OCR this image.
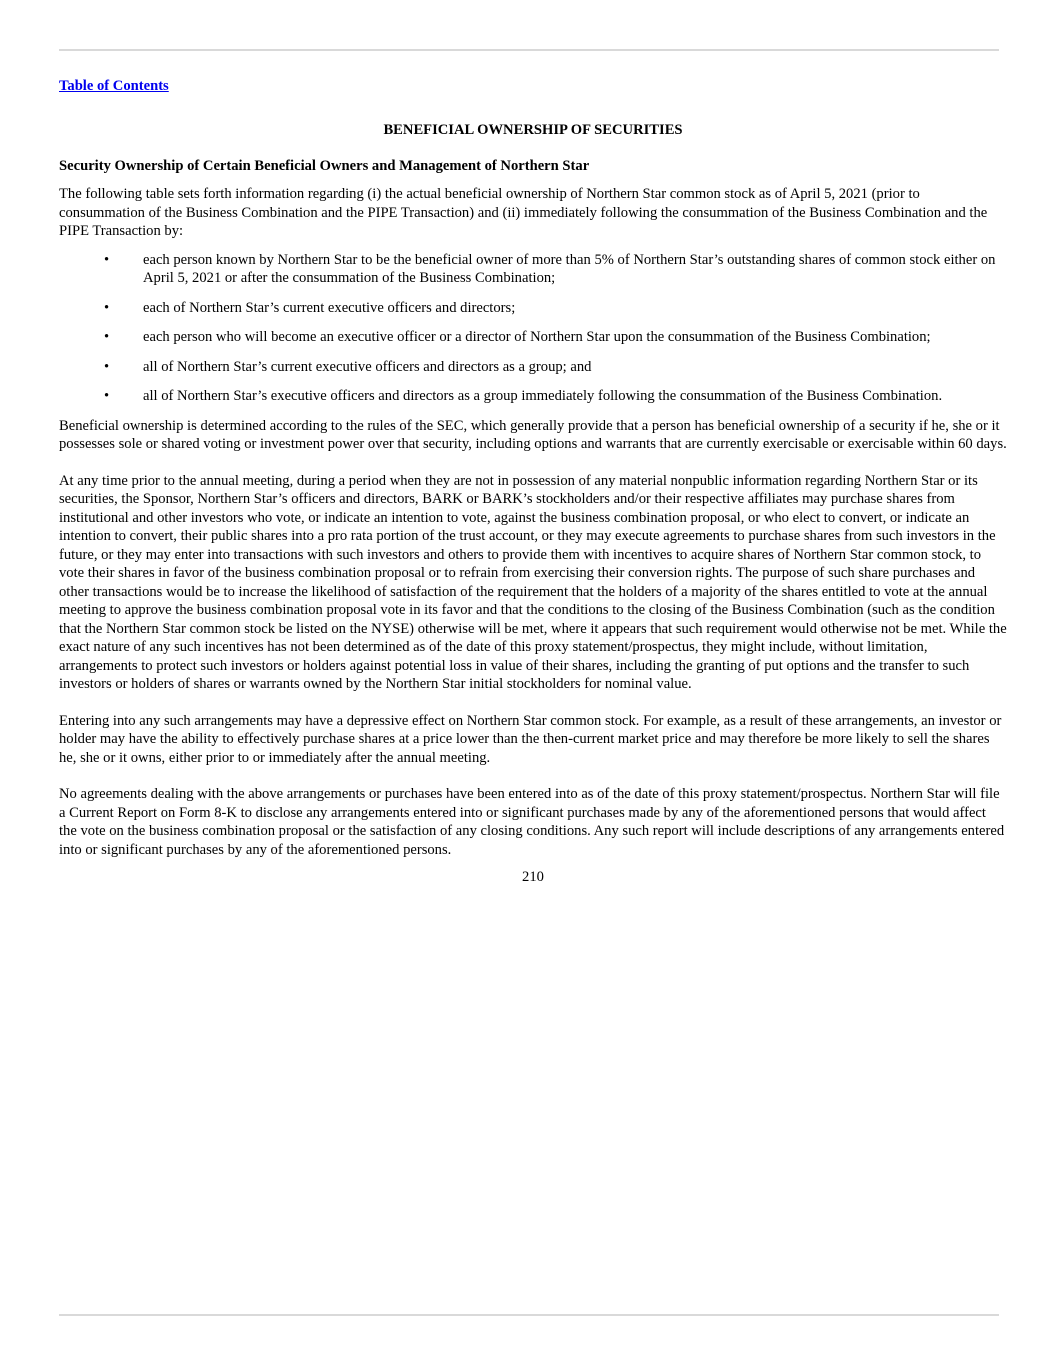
Table of Contents
BENEFICIAL OWNERSHIP OF SECURITIES
Security Ownership of Certain Beneficial Owners and Management of Northern Star

The following table sets forth information regarding (i) the actual beneficial ownership of Northern Star common stock as of April 5, 2021 (prior to consummation of the Business Combination and the PIPE Transaction) and (ii) immediately following the consummation of the Business Combination and the PIPE Transaction by:

• each person known by Northern Star to be the beneficial owner of more than 5% of Northern Star’s outstanding shares of common stock either on April 5, 2021 or after the consummation of the Business Combination;
• each of Northern Star’s current executive officers and directors;
• each person who will become an executive officer or a director of Northern Star upon the consummation of the Business Combination;
• all of Northern Star’s current executive officers and directors as a group; and
• all of Northern Star’s executive officers and directors as a group immediately following the consummation of the Business Combination.

Beneficial ownership is determined according to the rules of the SEC, which generally provide that a person has beneficial ownership of a security if he, she or it possesses sole or shared voting or investment power over that security, including options and warrants that are currently exercisable or exercisable within 60 days.

At any time prior to the annual meeting, during a period when they are not in possession of any material nonpublic information regarding Northern Star or its securities, the Sponsor, Northern Star’s officers and directors, BARK or BARK’s stockholders and/or their respective affiliates may purchase shares from institutional and other investors who vote, or indicate an intention to vote, against the business combination proposal, or who elect to convert, or indicate an intention to convert, their public shares into a pro rata portion of the trust account, or they may execute agreements to purchase shares from such investors in the future, or they may enter into transactions with such investors and others to provide them with incentives to acquire shares of Northern Star common stock, to vote their shares in favor of the business combination proposal or to refrain from exercising their conversion rights. The purpose of such share purchases and other transactions would be to increase the likelihood of satisfaction of the requirement that the holders of a majority of the shares entitled to vote at the annual meeting to approve the business combination proposal vote in its favor and that the conditions to the closing of the Business Combination (such as the condition that the Northern Star common stock be listed on the NYSE) otherwise will be met, where it appears that such requirement would otherwise not be met. While the exact nature of any such incentives has not been determined as of the date of this proxy statement/prospectus, they might include, without limitation, arrangements to protect such investors or holders against potential loss in value of their shares, including the granting of put options and the transfer to such investors or holders of shares or warrants owned by the Northern Star initial stockholders for nominal value.

Entering into any such arrangements may have a depressive effect on Northern Star common stock. For example, as a result of these arrangements, an investor or holder may have the ability to effectively purchase shares at a price lower than the then-current market price and may therefore be more likely to sell the shares he, she or it owns, either prior to or immediately after the annual meeting.

No agreements dealing with the above arrangements or purchases have been entered into as of the date of this proxy statement/prospectus. Northern Star will file a Current Report on Form 8-K to disclose any arrangements entered into or significant purchases made by any of the aforementioned persons that would affect the vote on the business combination proposal or the satisfaction of any closing conditions. Any such report will include descriptions of any arrangements entered into or significant purchases by any of the aforementioned persons.

210
